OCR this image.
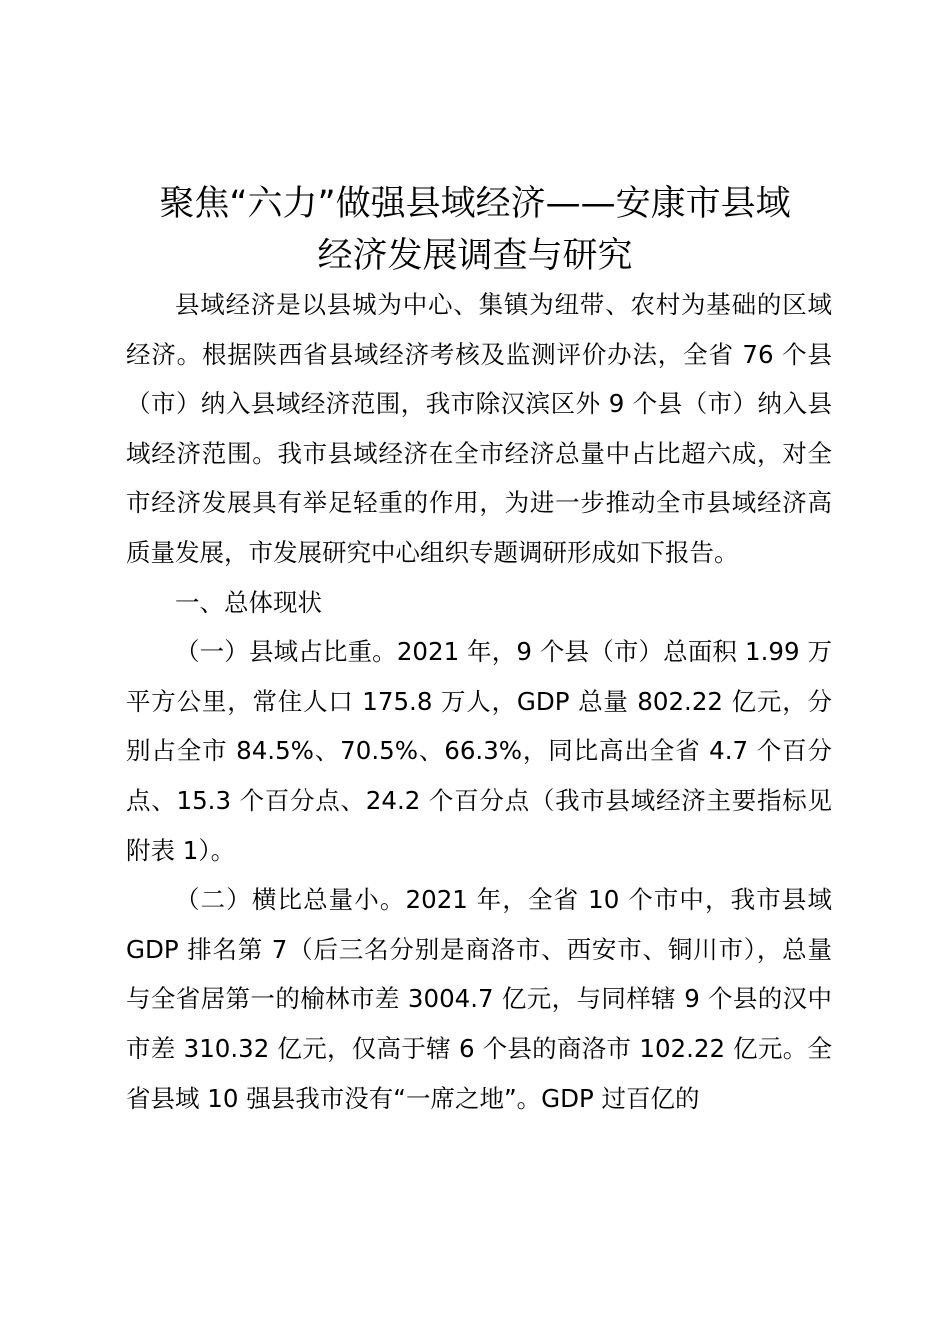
聚焦“六力”做强县域经济——安康市县域
经济发展调查与研究

县域经济是以县城为中心、集镇为纽带、农村为基础的区域经济。根据陕西省县域经济考核及监测评价办法，全省 76 个县（市）纳入县域经济范围，我市除汉滨区外 9 个县（市）纳入县域经济范围。我市县域经济在全市经济总量中占比超六成，对全市经济发展具有举足轻重的作用，为进一步推动全市县域经济高质量发展，市发展研究中心组织专题调研形成如下报告。

一、总体现状

（一）县域占比重。2021 年，9 个县（市）总面积 1.99 万平方公里，常住人口 175.8 万人，GDP 总量 802.22 亿元，分别占全市 84.5%、70.5%、66.3%，同比高出全省 4.7 个百分点、15.3 个百分点、24.2 个百分点（我市县域经济主要指标见附表 1）。

（二）横比总量小。2021 年，全省 10 个市中，我市县域 GDP 排名第 7（后三名分别是商洛市、西安市、铜川市），总量与全省居第一的榆林市差 3004.7 亿元，与同样辖 9 个县的汉中市差 310.32 亿元，仅高于辖 6 个县的商洛市 102.22 亿元。全省县域 10 强县我市没有“一席之地”。GDP 过百亿的
